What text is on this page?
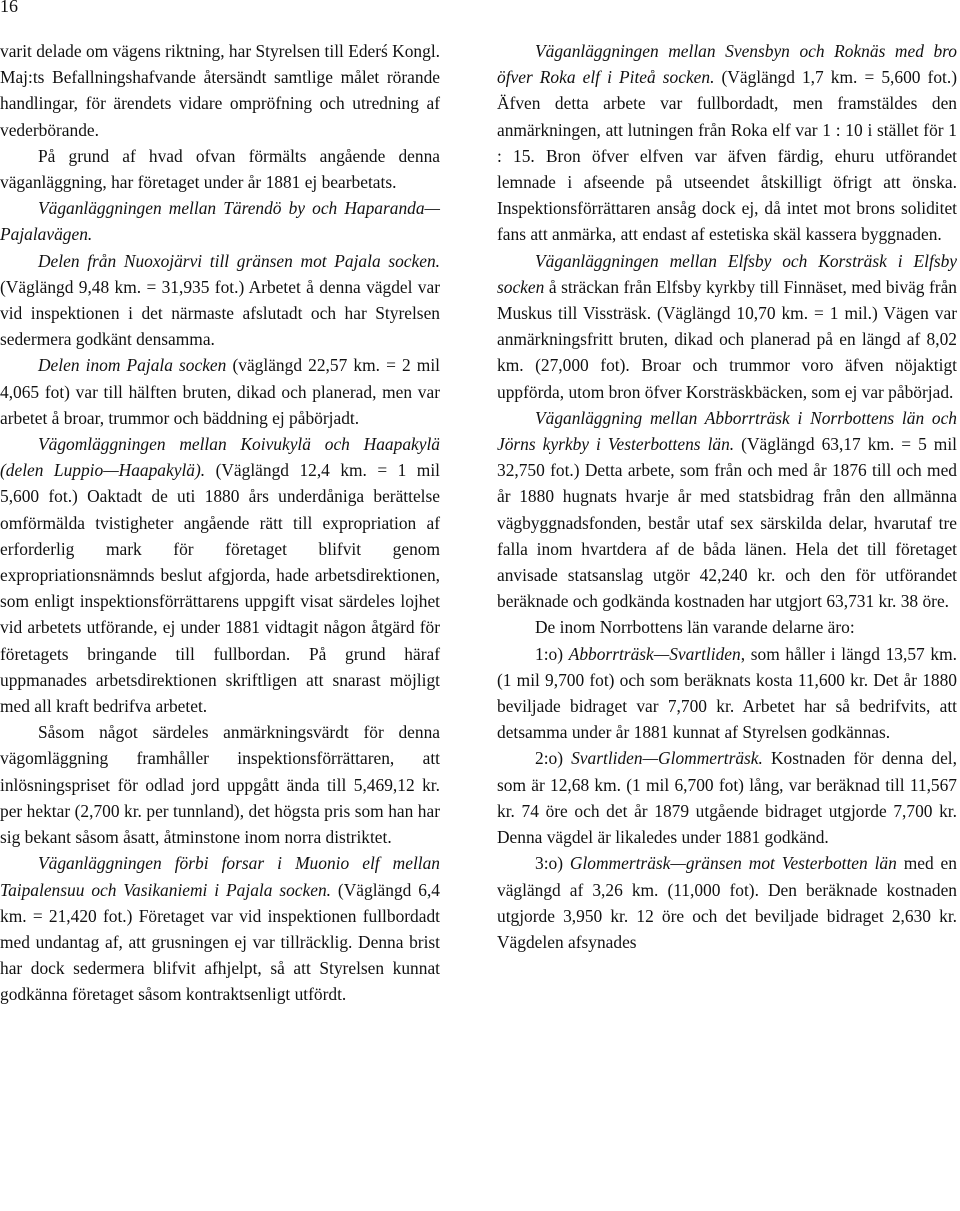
16

varit delade om vägens riktning, har Styrelsen till Ederś Kongl. Maj:ts Befallningshafvande återsändt samtlige målet rörande handlingar, för ärendets vidare ompröfning och utredning af vederbörande.

På grund af hvad ofvan förmälts angående denna väganläggning, har företaget under år 1881 ej bearbetats.

Väganläggningen mellan Tärendö by och Haparanda—Pajalavägen.

Delen från Nuoxojärvi till gränsen mot Pajala socken. (Väglängd 9,48 km. = 31,935 fot.) Arbetet å denna vägdel var vid inspektionen i det närmaste afslutadt och har Styrelsen sedermera godkänt densamma.

Delen inom Pajala socken (väglängd 22,57 km. = 2 mil 4,065 fot) var till hälften bruten, dikad och planerad, men var arbetet å broar, trummor och bäddning ej påbörjadt.

Vägomläggningen mellan Koivukylä och Haapakylä (delen Luppio—Haapakylä). (Väglängd 12,4 km. = 1 mil 5,600 fot.) Oaktadt de uti 1880 års underdåniga berättelse omförmälda tvistigheter angående rätt till expropriation af erforderlig mark för företaget blifvit genom expropriationsnämnds beslut afgjorda, hade arbetsdirektionen, som enligt inspektionsförrättarens uppgift visat särdeles lojhet vid arbetets utförande, ej under 1881 vidtagit någon åtgärd för företagets bringande till fullbordan. På grund häraf uppmanades arbetsdirektionen skriftligen att snarast möjligt med all kraft bedrifva arbetet.

Såsom något särdeles anmärkningsvärdt för denna vägomläggning framhåller inspektionsförrättaren, att inlösningspriset för odlad jord uppgått ända till 5,469,12 kr. per hektar (2,700 kr. per tunnland), det högsta pris som han har sig bekant såsom åsatt, åtminstone inom norra distriktet.

Väganläggningen förbi forsar i Muonio elf mellan Taipalensuu och Vasikaniemi i Pajala socken. (Väglängd 6,4 km. = 21,420 fot.) Företaget var vid inspektionen fullbordadt med undantag af, att grusningen ej var tillräcklig. Denna brist har dock sedermera blifvit afhjelpt, så att Styrelsen kunnat godkänna företaget såsom kontraktsenligt utfördt.

Väganläggningen mellan Svensbyn och Roknäs med bro öfver Roka elf i Piteå socken. (Väglängd 1,7 km. = 5,600 fot.) Äfven detta arbete var fullbordadt, men framstäldes den anmärkningen, att lutningen från Roka elf var 1 : 10 i stället för 1 : 15. Bron öfver elfven var äfven färdig, ehuru utförandet lemnade i afseende på utseendet åtskilligt öfrigt att önska. Inspektionsförrättaren ansåg dock ej, då intet mot brons soliditet fans att anmärka, att endast af estetiska skäl kassera byggnaden.

Väganläggningen mellan Elfsby och Korsträsk i Elfsby socken å sträckan från Elfsby kyrkby till Finnäset, med biväg från Muskus till Vissträsk. (Väglängd 10,70 km. = 1 mil.) Vägen var anmärkningsfritt bruten, dikad och planerad på en längd af 8,02 km. (27,000 fot). Broar och trummor voro äfven nöjaktigt uppförda, utom bron öfver Korsträskbäcken, som ej var påbörjad.

Väganläggning mellan Abborrträsk i Norrbottens län och Jörns kyrkby i Vesterbottens län. (Väglängd 63,17 km. = 5 mil 32,750 fot.) Detta arbete, som från och med år 1876 till och med år 1880 hugnats hvarje år med statsbidrag från den allmänna vägbyggnadsfonden, består utaf sex särskilda delar, hvarutaf tre falla inom hvartdera af de båda länen. Hela det till företaget anvisade statsanslag utgör 42,240 kr. och den för utförandet beräknade och godkända kostnaden har utgjort 63,731 kr. 38 öre.

De inom Norrbottens län varande delarne äro:

1:o) Abborrträsk—Svartliden, som håller i längd 13,57 km. (1 mil 9,700 fot) och som beräknats kosta 11,600 kr. Det år 1880 beviljade bidraget var 7,700 kr. Arbetet har så bedrifvits, att detsamma under år 1881 kunnat af Styrelsen godkännas.

2:o) Svartliden—Glommerträsk. Kostnaden för denna del, som är 12,68 km. (1 mil 6,700 fot) lång, var beräknad till 11,567 kr. 74 öre och det år 1879 utgående bidraget utgjorde 7,700 kr. Denna vägdel är likaledes under 1881 godkänd.

3:o) Glommerträsk—gränsen mot Vesterbotten län med en väglängd af 3,26 km. (11,000 fot). Den beräknade kostnaden utgjorde 3,950 kr. 12 öre och det beviljade bidraget 2,630 kr. Vägdelen afsynades
